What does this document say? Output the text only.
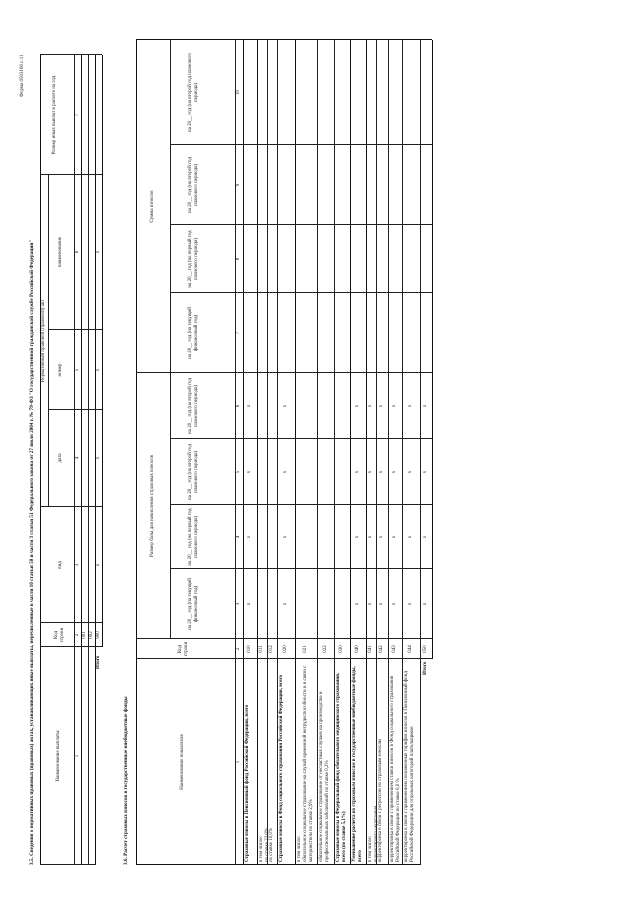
Форма 0503160 с.11
3.5. Сведения о нормативных правовых (правовых) актах, устанавливающих иные выплаты, перечисленные в части 10 статьи 50 и части 3 статьи 51 Федерального закона от 27 июля 2004 г. № 79-ФЗ "О государственной гражданской службе Российской Федерации"	Наименование выплаты
Код строки
Нормативный правовой (правовой) акт
вид
дата
номер
наименование
Размер иных выплат в расчете на год
1
2
3
4
5
6
7
001 002
Итого
900
x
x
x
x
3.6. Расчет страховых взносов в государственные внебюджетные фонды
Размер базы для начисления страховых взносов
Сумма взносов
Наименование показателя
Код строки
на 20__ год (на текущий финансовый год)
на 20__ год (на первый год планового периода)
на 20__ год (на второй год планового периода)
на 20__ год (на второй год планового периода)
на 20__ год (на текущий финансовый год)
на 20__ год (на первый год планового периода)
на 20__ год (на второй год планового периода)
на 20__ год (на второй год планового периода)
1
2
3
4
5
6
7
8
9
10
Страховые взносы в Пенсионный фонд Российской Федерации, всего
010
x
x
x
x
в том числе:
по ставке 22,0%
011
по ставке 10,0%
012
Страховые взносы в Фонд социального страхования Российской Федерации, всего
020
x
x
x
x
в том числе:
обязательное социальное страхование на случай временной нетрудоспособности и в связи с материнством по ставке 2,9%
021
обязательное социальное страхование от несчастных случаев на производстве и профессиональных заболеваний по ставке 0,2%
022
Страховые взносы в Федеральный фонд обязательного медицинского страхования, всего (по ставке 5,1%)
030
Уменьшение расчета по страховым взносам в государственные внебюджетные фонды, всего
040
x
x
x
x
в том числе:
корректировка округления
041
x
x
x
x
корректировка в связи с регрессом по страховым взносам
042
x
x
x
x
корректировка в связи с применением ставки взносов в Фонд социального страхования Российской Федерации по ставке 0,0 %
043
x
x
x
x
корректировка в связи с применением пониженных тарифов взносов в Пенсионный фонд Российской Федерации для отдельных категорий плательщиков
044
x
x
x
x
Итого
050
x
x
x
x
